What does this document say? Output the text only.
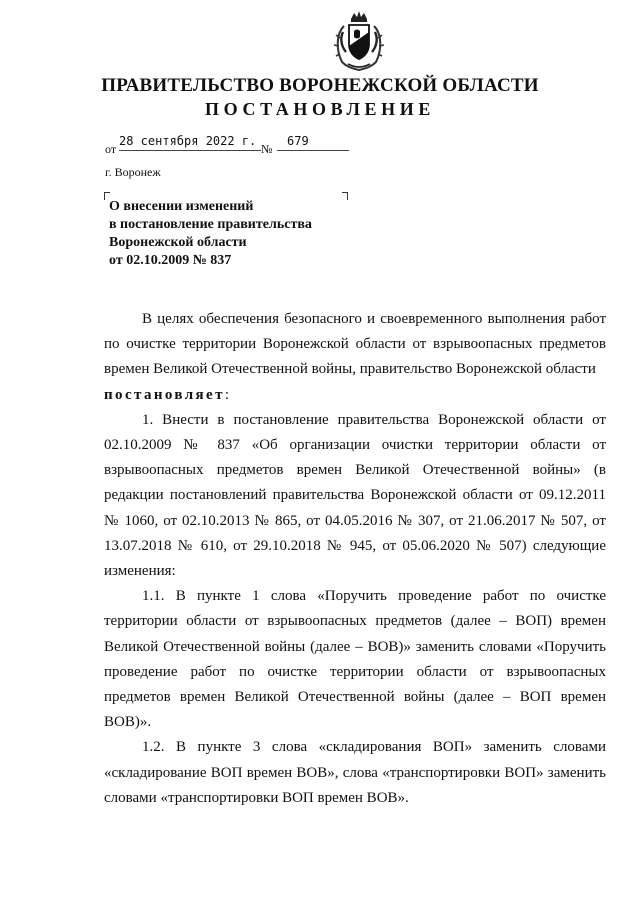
ПРАВИТЕЛЬСТВО ВОРОНЕЖСКОЙ ОБЛАСТИ
ПОСТАНОВЛЕНИЕ
от
28 сентября 2022 г.
№
679
г. Воронеж
О внесении изменений
в постановление правительства
Воронежской области
от 02.10.2009 № 837

В целях обеспечения безопасного и своевременного выполнения работ по очистке территории Воронежской области от взрывоопасных предметов времен Великой Отечественной войны, правительство Воронежской области

постановляет:

1. Внести в постановление правительства Воронежской области от 02.10.2009 № 837 «Об организации очистки территории области от взрывоопасных предметов времен Великой Отечественной войны» (в редакции постановлений правительства Воронежской области от 09.12.2011 № 1060, от 02.10.2013 № 865, от 04.05.2016 № 307, от 21.06.2017 № 507, от 13.07.2018 № 610, от 29.10.2018 № 945, от 05.06.2020 № 507) следующие изменения:

1.1. В пункте 1 слова «Поручить проведение работ по очистке территории области от взрывоопасных предметов (далее – ВОП) времен Великой Отечественной войны (далее – ВОВ)» заменить словами «Поручить проведение работ по очистке территории области от взрывоопасных предметов времен Великой Отечественной войны (далее – ВОП времен ВОВ)».

1.2. В пункте 3 слова «складирования ВОП» заменить словами «складирование ВОП времен ВОВ», слова «транспортировки ВОП» заменить словами «транспортировки ВОП времен ВОВ».
